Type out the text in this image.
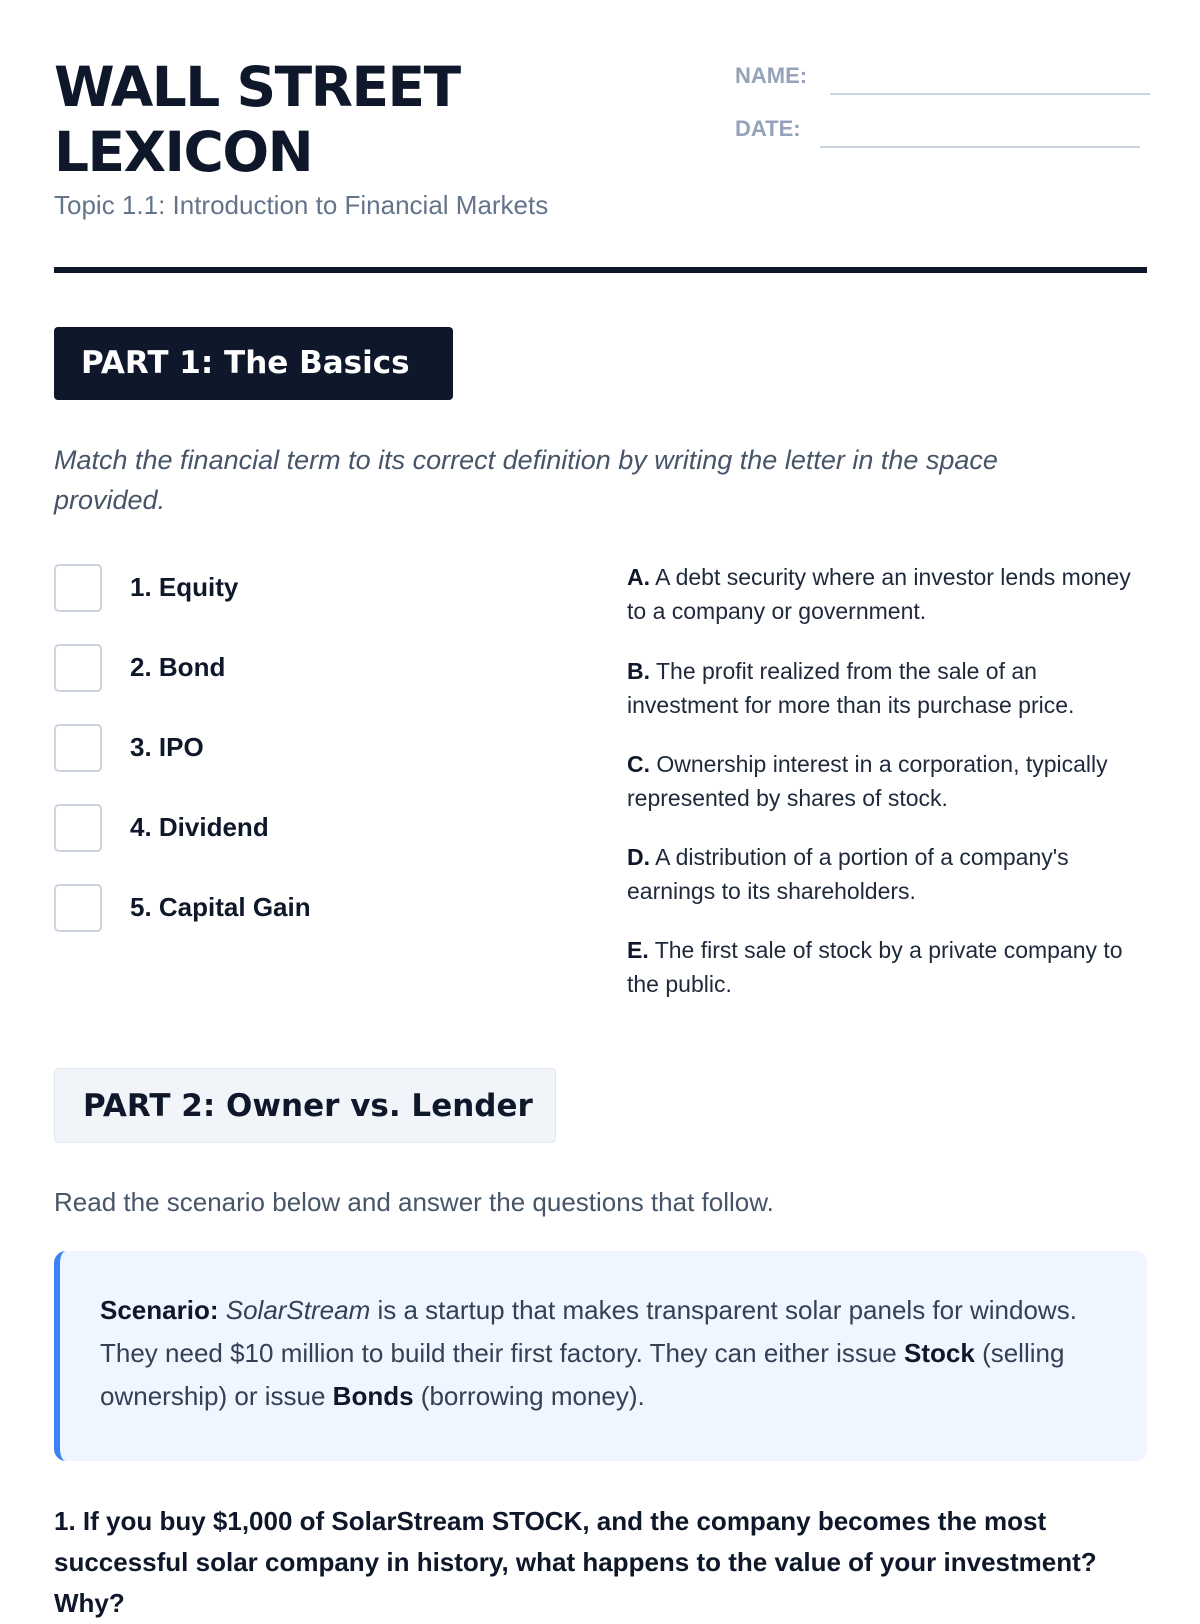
WALL STREET
LEXICON
Topic 1.1: Introduction to Financial Markets
NAME:
DATE:
PART 1: The Basics
Match the financial term to its correct definition by writing the letter in the space provided.
1. Equity
2. Bond
3. IPO
4. Dividend
5. Capital Gain
A. A debt security where an investor lends money to a company or government.
B. The profit realized from the sale of an investment for more than its purchase price.
C. Ownership interest in a corporation, typically represented by shares of stock.
D. A distribution of a portion of a company's earnings to its shareholders.
E. The first sale of stock by a private company to the public.
PART 2: Owner vs. Lender
Read the scenario below and answer the questions that follow.
Scenario: SolarStream is a startup that makes transparent solar panels for windows. They need $10 million to build their first factory. They can either issue Stock (selling ownership) or issue Bonds (borrowing money).
1. If you buy $1,000 of SolarStream STOCK, and the company becomes the most successful solar company in history, what happens to the value of your investment? Why?
